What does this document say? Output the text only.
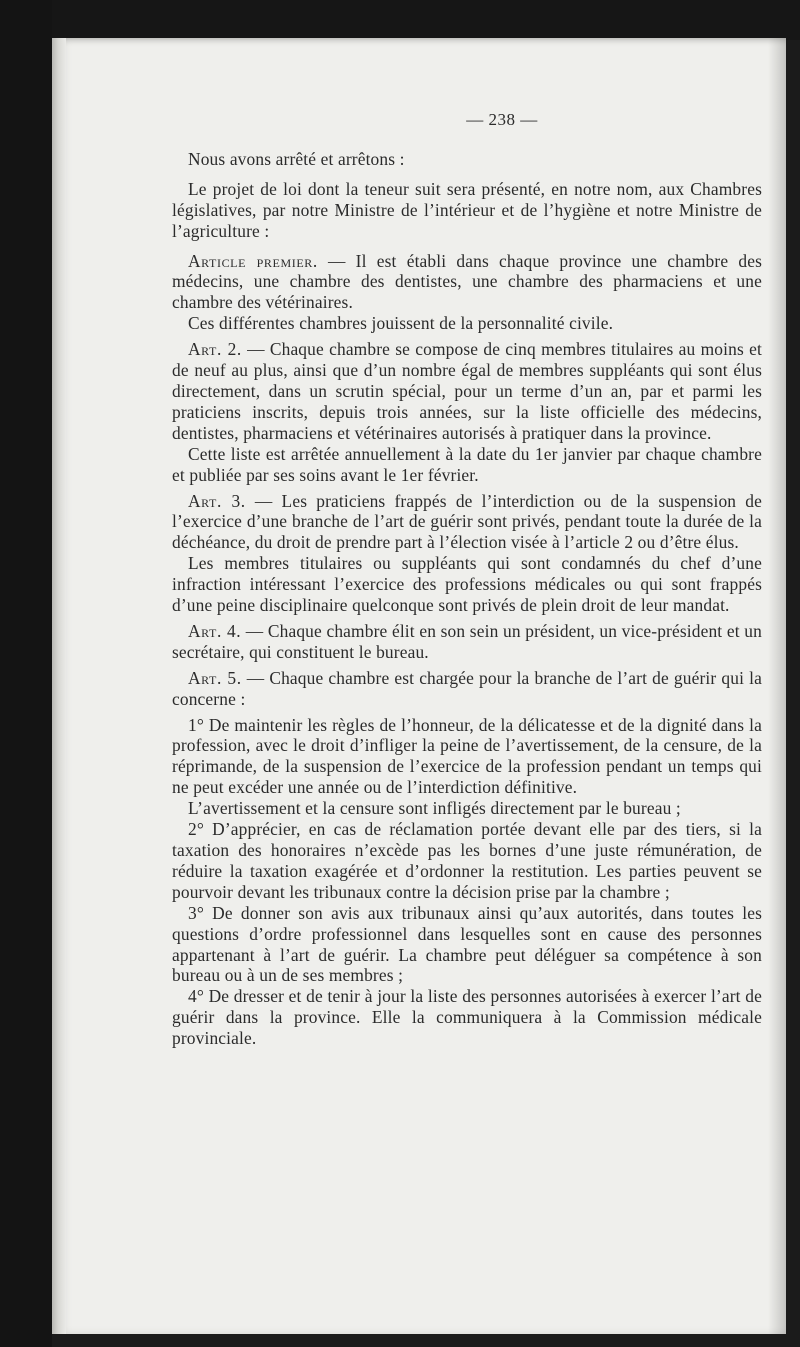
— 238 —

Nous avons arrêté et arrêtons :

Le projet de loi dont la teneur suit sera présenté, en notre nom, aux Chambres législatives, par notre Ministre de l’intérieur et de l’hygiène et notre Ministre de l’agriculture :

Article premier. — Il est établi dans chaque province une chambre des médecins, une chambre des dentistes, une chambre des pharmaciens et une chambre des vétérinaires.

Ces différentes chambres jouissent de la personnalité civile.

Art. 2. — Chaque chambre se compose de cinq membres titulaires au moins et de neuf au plus, ainsi que d’un nombre égal de membres suppléants qui sont élus directement, dans un scrutin spécial, pour un terme d’un an, par et parmi les praticiens inscrits, depuis trois années, sur la liste officielle des médecins, dentistes, pharmaciens et vétérinaires autorisés à pratiquer dans la province.

Cette liste est arrêtée annuellement à la date du 1er janvier par chaque chambre et publiée par ses soins avant le 1er février.

Art. 3. — Les praticiens frappés de l’interdiction ou de la suspension de l’exercice d’une branche de l’art de guérir sont privés, pendant toute la durée de la déchéance, du droit de prendre part à l’élection visée à l’article 2 ou d’être élus.

Les membres titulaires ou suppléants qui sont condamnés du chef d’une infraction intéressant l’exercice des professions médicales ou qui sont frappés d’une peine disciplinaire quelconque sont privés de plein droit de leur mandat.

Art. 4. — Chaque chambre élit en son sein un président, un vice-président et un secrétaire, qui constituent le bureau.

Art. 5. — Chaque chambre est chargée pour la branche de l’art de guérir qui la concerne :

1° De maintenir les règles de l’honneur, de la délicatesse et de la dignité dans la profession, avec le droit d’infliger la peine de l’avertissement, de la censure, de la réprimande, de la suspension de l’exercice de la profession pendant un temps qui ne peut excéder une année ou de l’interdiction définitive.

L’avertissement et la censure sont infligés directement par le bureau ;

2° D’apprécier, en cas de réclamation portée devant elle par des tiers, si la taxation des honoraires n’excède pas les bornes d’une juste rémunération, de réduire la taxation exagérée et d’ordonner la restitution. Les parties peuvent se pourvoir devant les tribunaux contre la décision prise par la chambre ;

3° De donner son avis aux tribunaux ainsi qu’aux autorités, dans toutes les questions d’ordre professionnel dans lesquelles sont en cause des personnes appartenant à l’art de guérir. La chambre peut déléguer sa compétence à son bureau ou à un de ses membres ;

4° De dresser et de tenir à jour la liste des personnes autorisées à exercer l’art de guérir dans la province. Elle la communiquera à la Commission médicale provinciale.
